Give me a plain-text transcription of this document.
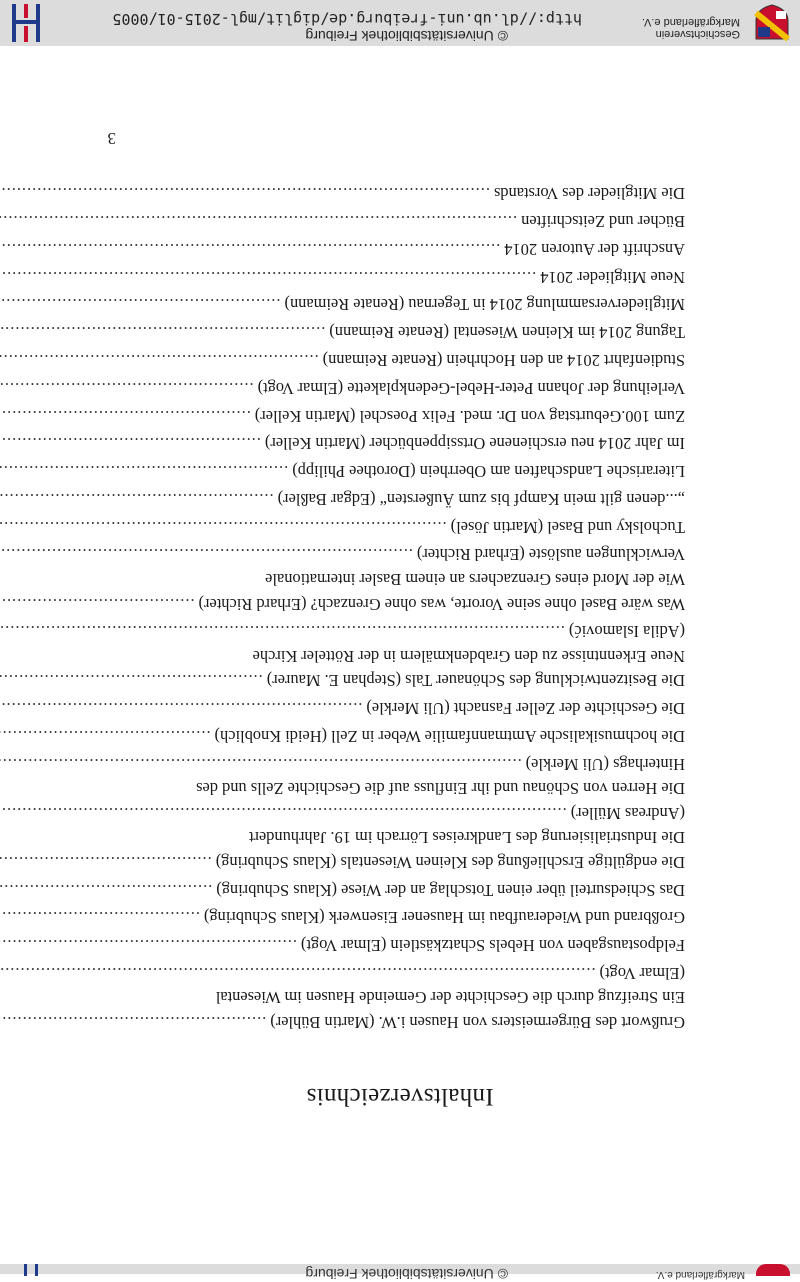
Markgräflerland e.V.
© Universitätsbibliothek Freiburg
Inhaltsverzeichnis
Grußwort des Bürgermeisters von Hausen i.W. (Martin Bühler)
.....
Ein Streifzug durch die Geschichte der Gemeinde Hausen im Wiesental
(Elmar Vogt)
.....
Feldpostausgaben von Hebels Schatzkästlein (Elmar Vogt)
.....
Großbrand und Wiederaufbau im Hausener Eisenwerk (Klaus Schubring)
.....
Das Schiedsurteil über einen Totschlag an der Wiese (Klaus Schubring)
.....
Die endgültige Erschließung des Kleinen Wiesentals (Klaus Schubring)
.....
Die Industrialisierung des Landkreises Lörrach im 19. Jahrhundert
(Andreas Müller)
.....
Die Herren von Schönau und ihr Einfluss auf die Geschichte Zells und des
Hinterhags (Uli Merkle)
.....
Die hochmusikalische Amtmannfamilie Weber in Zell (Heidi Knoblich)
.....
Die Geschichte der Zeller Fasnacht (Uli Merkle)
.....
Die Besitzentwicklung des Schönauer Tals (Stephan E. Maurer)
.....
Neue Erkenntnisse zu den Grabdenkmälern in der Rötteler Kirche
(Adila Islamović)
.....
Was wäre Basel ohne seine Vororte, was ohne Grenzach? (Erhard Richter)
.....
Wie der Mord eines Grenzachers an einem Basler internationale
Verwicklungen auslöste (Erhard Richter)
.....
Tucholsky und Basel (Martin Jösel)
.....
„...denen gilt mein Kampf bis zum Äußersten“ (Edgar Baßler)
.....
Literarische Landschaften am Oberrhein (Dorothee Philipp)
.....
Im Jahr 2014 neu erschienene Ortssippenbücher (Martin Keller)
.....
Zum 100.Geburtstag von Dr. med. Felix Poeschel (Martin Keller)
.....
Verleihung der Johann Peter-Hebel-Gedenkplakette (Elmar Vogt)
.....
Studienfahrt 2014 an den Hochrhein (Renate Reimann)
.....
Tagung 2014 im Kleinen Wiesental (Renate Reimann)
.....
Mitgliederversammlung 2014 in Tegernau (Renate Reimann)
.....
Neue Mitglieder 2014
.....
Anschrift der Autoren 2014
.....
Bücher und Zeitschriften
.....
Die Mitglieder des Vorstands
.....
3
Geschichtsverein
Markgräflerland e.V.
© Universitätsbibliothek Freiburg
http://dl.ub.uni-freiburg.de/diglit/mgl-2015-01/0005
